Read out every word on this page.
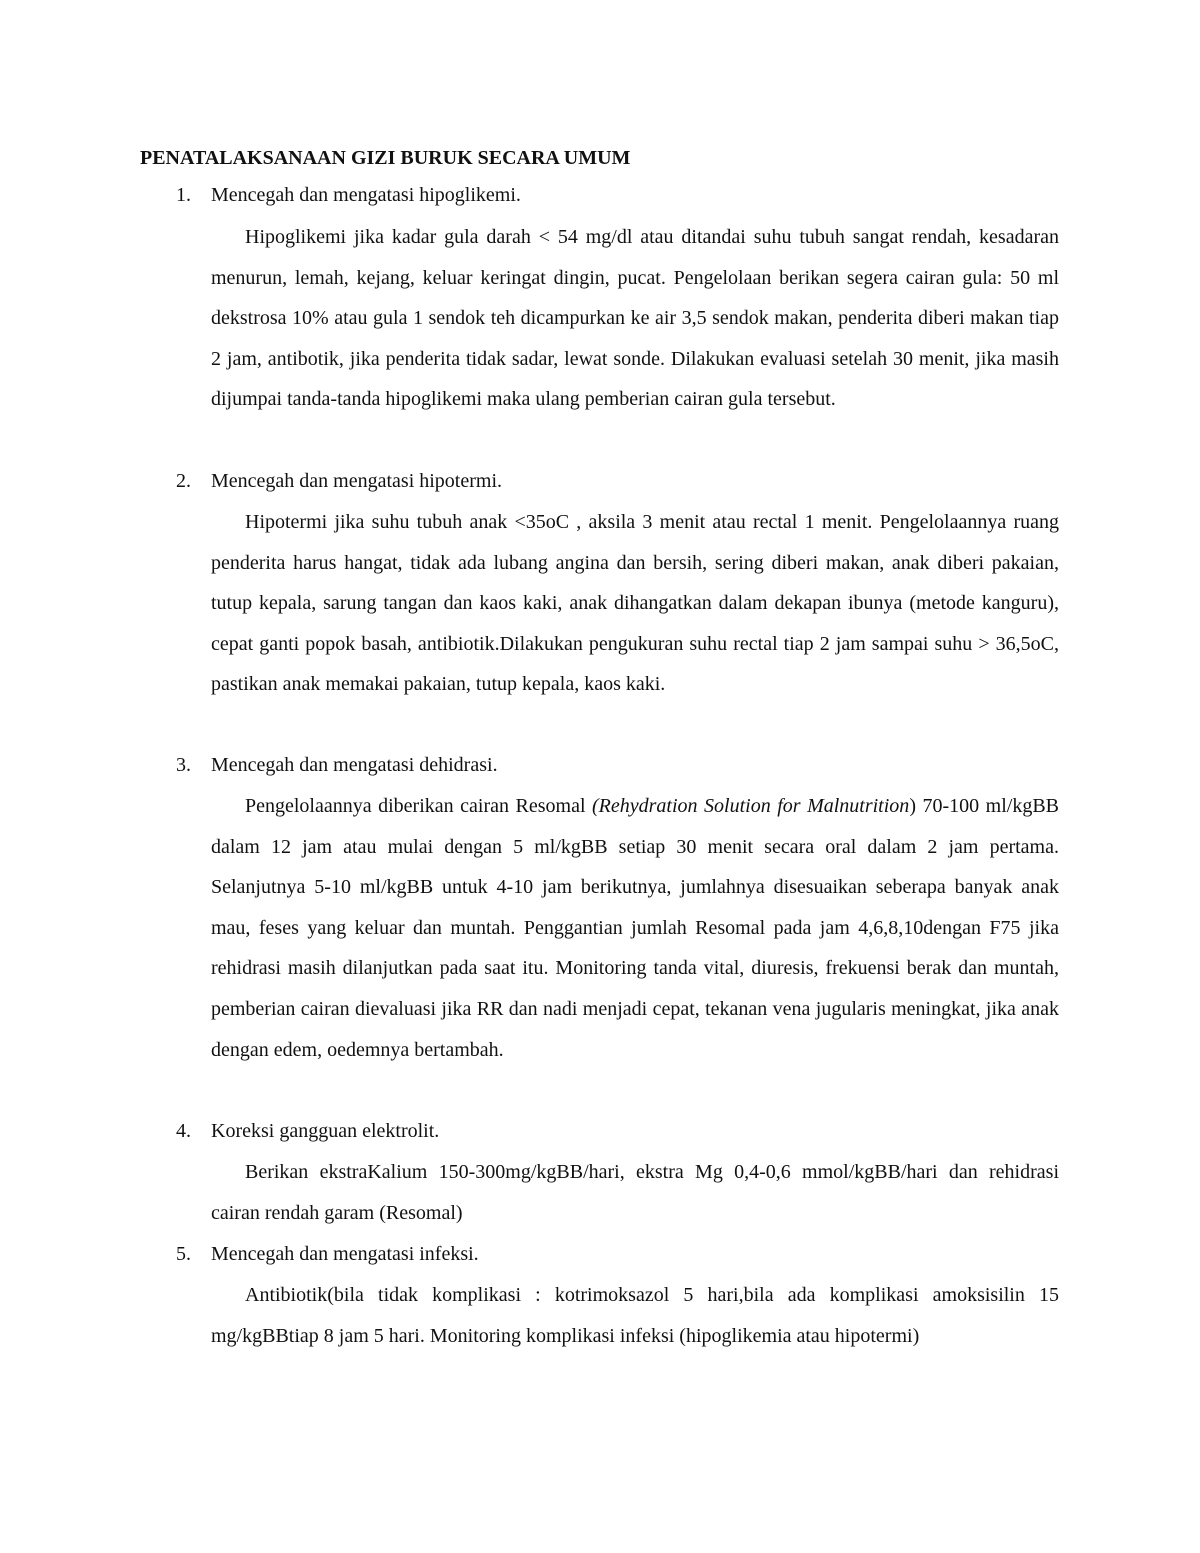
PENATALAKSANAAN GIZI BURUK SECARA UMUM
1.	Mencegah dan mengatasi hipoglikemi.

Hipoglikemi jika kadar gula darah < 54 mg/dl atau ditandai suhu tubuh sangat rendah, kesadaran menurun, lemah, kejang, keluar keringat dingin, pucat. Pengelolaan berikan segera cairan gula: 50 ml dekstrosa 10% atau gula 1 sendok teh dicampurkan ke air 3,5 sendok makan, penderita diberi makan tiap 2 jam, antibotik, jika penderita tidak sadar, lewat sonde. Dilakukan evaluasi setelah 30 menit, jika masih dijumpai tanda-tanda hipoglikemi maka ulang pemberian cairan gula tersebut.

2.	Mencegah dan mengatasi hipotermi.

Hipotermi jika suhu tubuh anak <35oC , aksila 3 menit atau rectal 1 menit. Pengelolaannya ruang penderita harus hangat, tidak ada lubang angina dan bersih, sering diberi makan, anak diberi pakaian, tutup kepala, sarung tangan dan kaos kaki, anak dihangatkan dalam dekapan ibunya (metode kanguru), cepat ganti popok basah, antibiotik.Dilakukan pengukuran suhu rectal tiap 2 jam sampai suhu > 36,5oC, pastikan anak memakai pakaian, tutup kepala, kaos kaki.

3.	Mencegah dan mengatasi dehidrasi.

Pengelolaannya diberikan cairan Resomal (Rehydration Solution for Malnutrition) 70-100 ml/kgBB dalam 12 jam atau mulai dengan 5 ml/kgBB setiap 30 menit secara oral dalam 2 jam pertama. Selanjutnya 5-10 ml/kgBB untuk 4-10 jam berikutnya, jumlahnya disesuaikan seberapa banyak anak mau, feses yang keluar dan muntah. Penggantian jumlah Resomal pada jam 4,6,8,10dengan F75 jika rehidrasi masih dilanjutkan pada saat itu. Monitoring tanda vital, diuresis, frekuensi berak dan muntah, pemberian cairan dievaluasi jika RR dan nadi menjadi cepat, tekanan vena jugularis meningkat, jika anak dengan edem, oedemnya bertambah.

4.	Koreksi gangguan elektrolit.

Berikan ekstraKalium 150-300mg/kgBB/hari, ekstra Mg 0,4-0,6 mmol/kgBB/hari dan rehidrasi cairan rendah garam (Resomal)

5.	Mencegah dan mengatasi infeksi.

Antibiotik(bila tidak komplikasi : kotrimoksazol 5 hari,bila ada komplikasi amoksisilin 15 mg/kgBBtiap 8 jam 5 hari. Monitoring komplikasi infeksi (hipoglikemia atau hipotermi)
